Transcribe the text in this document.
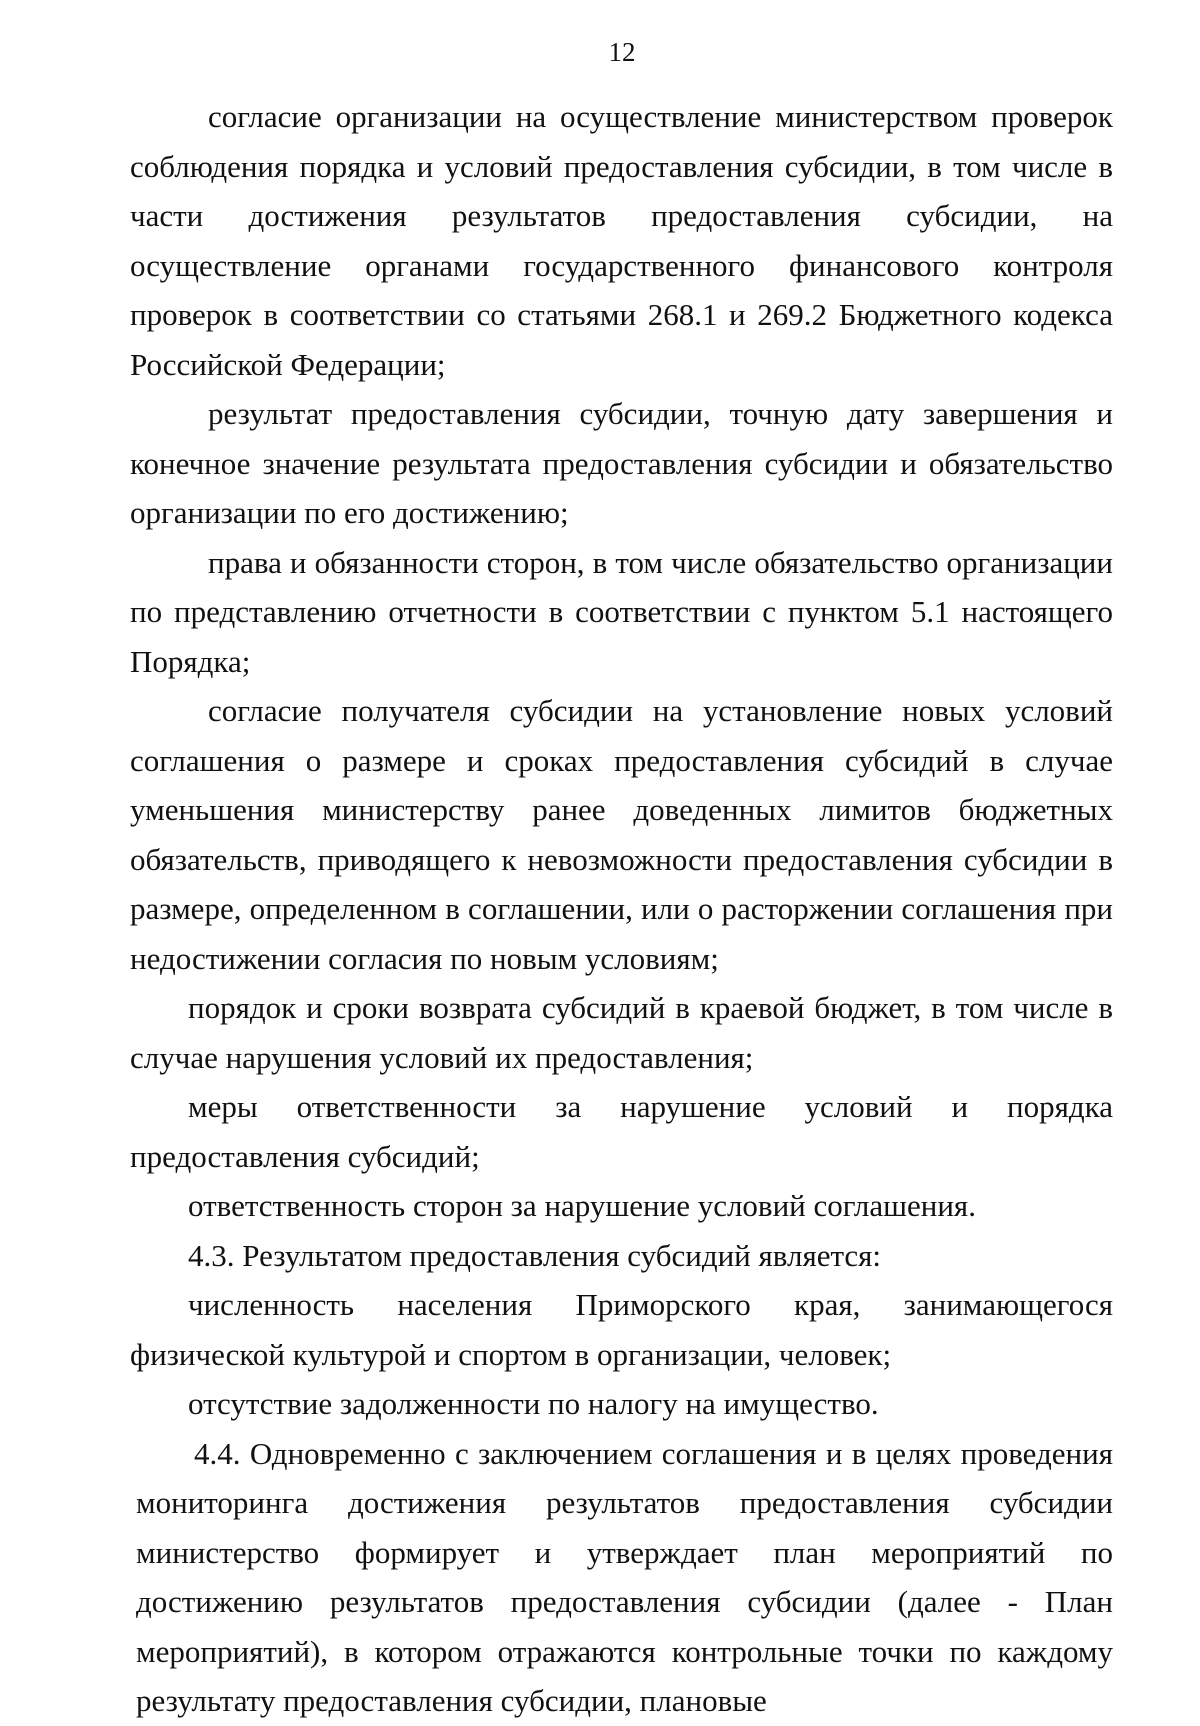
12

согласие организации на осуществление министерством проверок соблюдения порядка и условий предоставления субсидии, в том числе в части достижения результатов предоставления субсидии, на осуществление органами государственного финансового контроля проверок в соответствии со статьями 268.1 и 269.2 Бюджетного кодекса Российской Федерации;

результат предоставления субсидии, точную дату завершения и конечное значение результата предоставления субсидии и обязательство организации по его достижению;

права и обязанности сторон, в том числе обязательство организации по представлению отчетности в соответствии с пунктом 5.1 настоящего Порядка;

согласие получателя субсидии на установление новых условий соглашения о размере и сроках предоставления субсидий в случае уменьшения министерству ранее доведенных лимитов бюджетных обязательств, приводящего к невозможности предоставления субсидии в размере, определенном в соглашении, или о расторжении соглашения при недостижении согласия по новым условиям;

порядок и сроки возврата субсидий в краевой бюджет, в том числе в случае нарушения условий их предоставления;

меры ответственности за нарушение условий и порядка предоставления субсидий;

ответственность сторон за нарушение условий соглашения.

4.3. Результатом предоставления субсидий является:

численность населения Приморского края, занимающегося физической культурой и спортом в организации, человек;

отсутствие задолженности по налогу на имущество.

4.4. Одновременно с заключением соглашения и в целях проведения мониторинга достижения результатов предоставления субсидии министерство формирует и утверждает план мероприятий по достижению результатов предоставления субсидии (далее - План мероприятий), в котором отражаются контрольные точки по каждому результату предоставления субсидии, плановые
